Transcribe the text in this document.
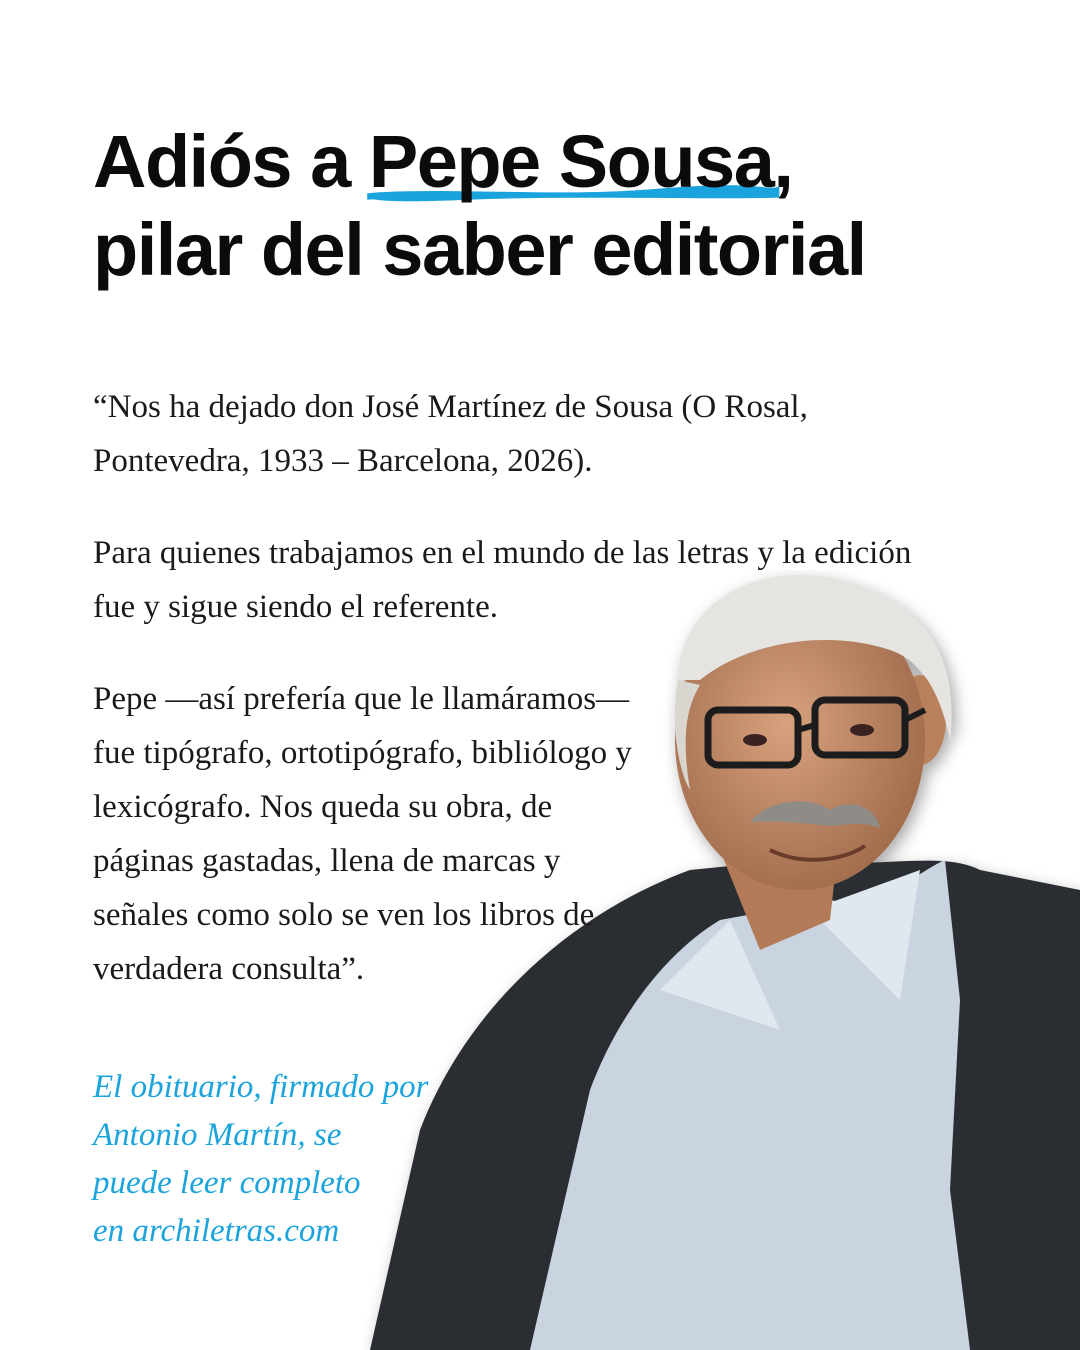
Adiós a
Pepe Sousa,
pilar del saber editorial

“Nos ha dejado don José Martínez de Sousa (O Rosal, Pontevedra, 1933 – Barcelona, 2026).

Para quienes trabajamos en el mundo de las letras y la edición fue y sigue siendo el referente.

Pepe —así prefería que le llamáramos— fue tipógrafo, ortotipógrafo, bibliólogo y lexicógrafo. Nos queda su obra, de páginas gastadas, llena de marcas y señales como solo se ven los libros de verdadera consulta”.

El obituario, firmado por
Antonio Martín, se
puede leer completo
en archiletras.com
